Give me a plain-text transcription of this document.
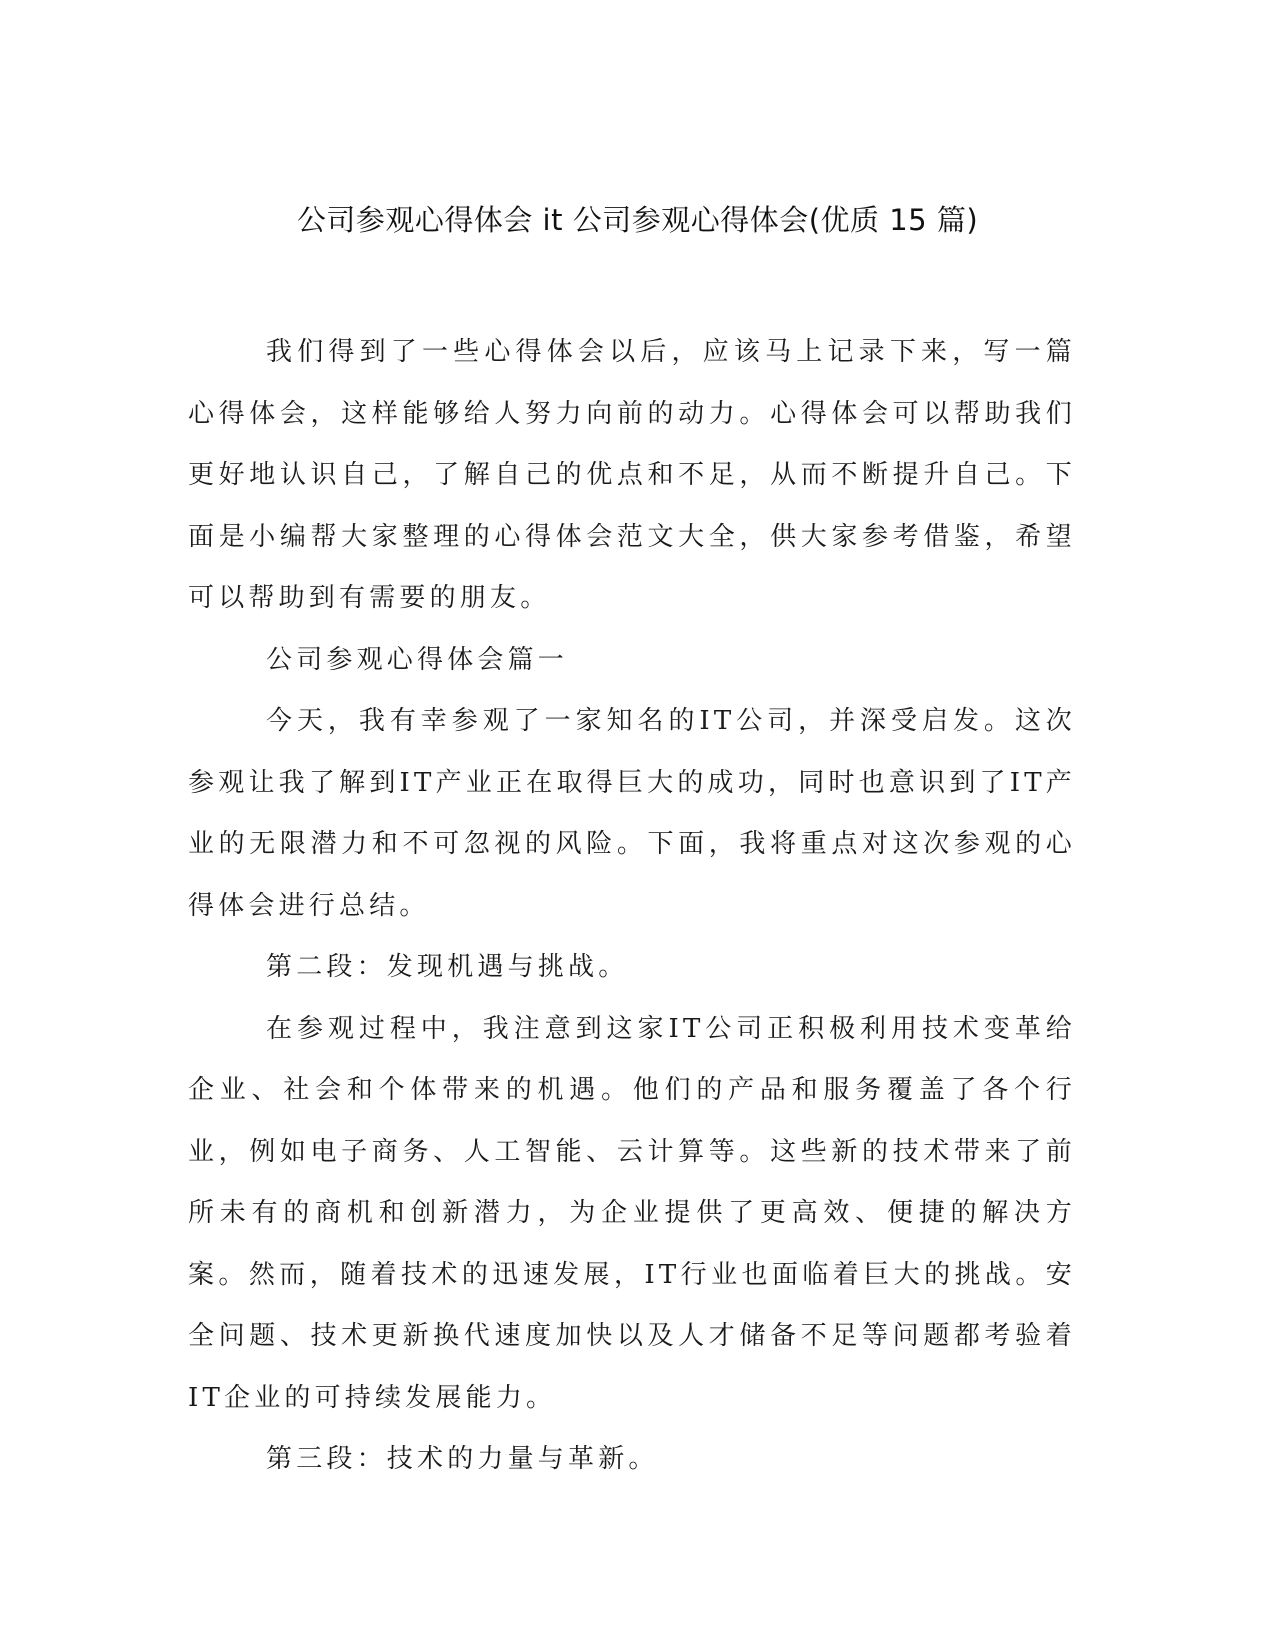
公司参观心得体会 it 公司参观心得体会(优质 15 篇)

我们得到了一些心得体会以后，应该马上记录下来，写一篇心得体会，这样能够给人努力向前的动力。心得体会可以帮助我们更好地认识自己，了解自己的优点和不足，从而不断提升自己。下面是小编帮大家整理的心得体会范文大全，供大家参考借鉴，希望可以帮助到有需要的朋友。

公司参观心得体会篇一

今天，我有幸参观了一家知名的IT公司，并深受启发。这次参观让我了解到IT产业正在取得巨大的成功，同时也意识到了IT产业的无限潜力和不可忽视的风险。下面，我将重点对这次参观的心得体会进行总结。

第二段：发现机遇与挑战。

在参观过程中，我注意到这家IT公司正积极利用技术变革给企业、社会和个体带来的机遇。他们的产品和服务覆盖了各个行业，例如电子商务、人工智能、云计算等。这些新的技术带来了前所未有的商机和创新潜力，为企业提供了更高效、便捷的解决方案。然而，随着技术的迅速发展，IT行业也面临着巨大的挑战。安全问题、技术更新换代速度加快以及人才储备不足等问题都考验着IT企业的可持续发展能力。

第三段：技术的力量与革新。
